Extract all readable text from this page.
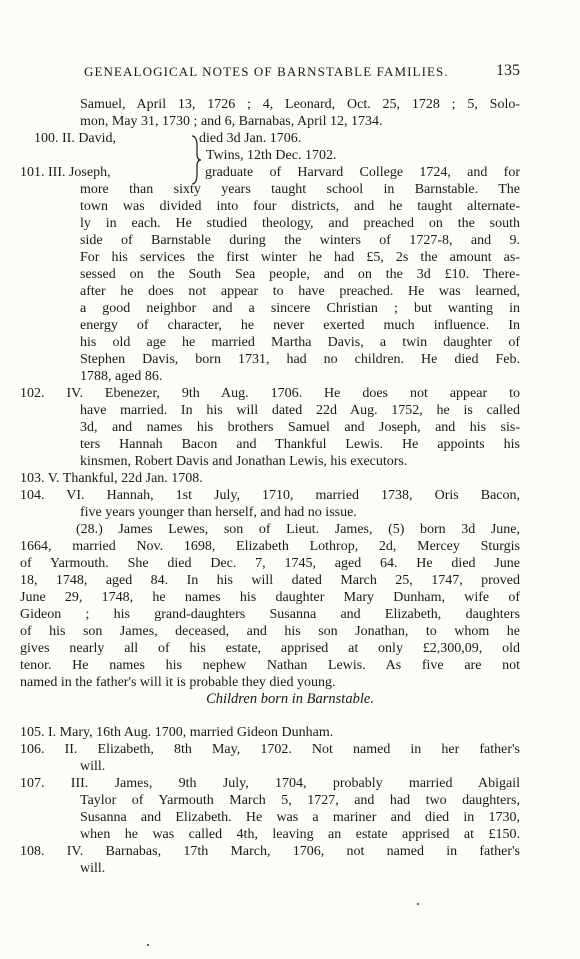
GENEALOGICAL NOTES OF BARNSTABLE FAMILIES.	135
Samuel, April 13, 1726 ; 4, Leonard, Oct. 25, 1728 ; 5, Solo-
mon, May 31, 1730 ; and 6, Barnabas, April 12, 1734.
100. II. David,	died 3d Jan. 1706.
Twins, 12th Dec. 1702.
101. III. Joseph,	graduate of Harvard College 1724, and for
more than sixty years taught school in Barnstable. The
town was divided into four districts, and he taught alternate-
ly in each. He studied theology, and preached on the south
side of Barnstable during the winters of 1727-8, and 9.
For his services the first winter he had £5, 2s the amount as-
sessed on the South Sea people, and on the 3d £10. There-
after he does not appear to have preached. He was learned,
a good neighbor and a sincere Christian ; but wanting in
energy of character, he never exerted much influence. In
his old age he married Martha Davis, a twin daughter of
Stephen Davis, born 1731, had no children. He died Feb.
1788, aged 86.
102. IV. Ebenezer, 9th Aug. 1706. He does not appear to
have married. In his will dated 22d Aug. 1752, he is called
3d, and names his brothers Samuel and Joseph, and his sis-
ters Hannah Bacon and Thankful Lewis. He appoints his
kinsmen, Robert Davis and Jonathan Lewis, his executors.
103. V. Thankful, 22d Jan. 1708.
104. VI. Hannah, 1st July, 1710, married 1738, Oris Bacon,
five years younger than herself, and had no issue.
(28.) James Lewes, son of Lieut. James, (5) born 3d June,
1664, married Nov. 1698, Elizabeth Lothrop, 2d, Mercey Sturgis
of Yarmouth. She died Dec. 7, 1745, aged 64. He died June
18, 1748, aged 84. In his will dated March 25, 1747, proved
June 29, 1748, he names his daughter Mary Dunham, wife of
Gideon ; his grand-daughters Susanna and Elizabeth, daughters
of his son James, deceased, and his son Jonathan, to whom he
gives nearly all of his estate, apprised at only £2,300,09, old
tenor. He names his nephew Nathan Lewis. As five are not
named in the father's will it is probable they died young.
Children born in Barnstable.
105. I. Mary, 16th Aug. 1700, married Gideon Dunham.
106. II. Elizabeth, 8th May, 1702. Not named in her father's
will.
107. III. James, 9th July, 1704, probably married Abigail
Taylor of Yarmouth March 5, 1727, and had two daughters,
Susanna and Elizabeth. He was a mariner and died in 1730,
when he was called 4th, leaving an estate apprised at £150.
108. IV. Barnabas, 17th March, 1706, not named in father's
will.
